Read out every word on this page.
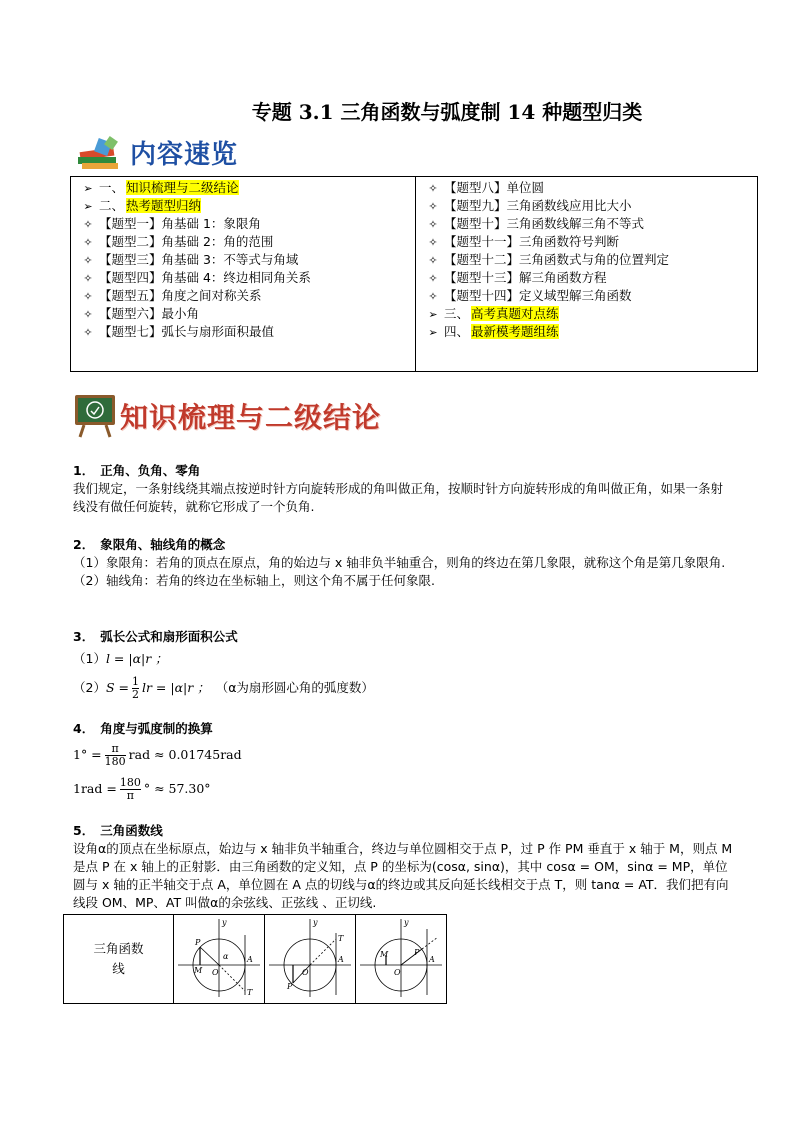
专题 3.1 三角函数与弧度制 14 种题型归类
内容速览
➢ 一、 知识梳理与二级结论
➢ 二、 热考题型归纳
✧ 【题型一】角基础 1：象限角
✧ 【题型二】角基础 2：角的范围
✧ 【题型三】角基础 3：不等式与角域
✧ 【题型四】角基础 4：终边相同角关系
✧ 【题型五】角度之间对称关系
✧ 【题型六】最小角
✧ 【题型七】弧长与扇形面积最值

✧ 【题型八】单位圆
✧ 【题型九】三角函数线应用比大小
✧ 【题型十】三角函数线解三角不等式
✧ 【题型十一】三角函数符号判断
✧ 【题型十二】三角函数式与角的位置判定
✧ 【题型十三】解三角函数方程
✧ 【题型十四】定义域型解三角函数
➢ 三、 高考真题对点练
➢ 四、 最新模考题组练
知识梳理与二级结论
1． 正角、负角、零角
我们规定，一条射线绕其端点按逆时针方向旋转形成的角叫做正角，按顺时针方向旋转形成的角叫做正角，如果一条射线没有做任何旋转，就称它形成了一个负角.
2． 象限角、轴线角的概念
（1）象限角：若角的顶点在原点，角的始边与 x 轴非负半轴重合，则角的终边在第几象限，就称这个角是第几象限角.
（2）轴线角：若角的终边在坐标轴上，则这个角不属于任何象限.
3． 弧长公式和扇形面积公式
（1） l = |α|r ；
（2） $S = \frac{1}{2}$ lr = |α|r ； （α为扇形圆心角的弧度数）
4． 角度与弧度制的换算
$1^\circ = \frac{\pi}{180}$ rad ≈ 0.01745rad
$1rad = \frac{180}{\pi}$ ° ≈ 57.30°
5． 三角函数线
设角α的顶点在坐标原点，始边与 x 轴非负半轴重合，终边与单位圆相交于点 P，过 P 作 PM 垂直于 x 轴于 M，则点 M 是点 P 在 x 轴上的正射影．由三角函数的定义知，点 P 的坐标为(cosα, sinα)，其中 cosα = OM，sinα = MP，单位圆与 x 轴的正半轴交于点 A，单位圆在 A 点的切线与α的终边或其反向延长线相交于点 T，则 tanα = AT．我们把有向线段 OM、MP、AT 叫做α的余弦线、正弦线 、正切线.
三角函数线	
y
P
M O
A
T
α

y
O
A
T
P

y
M
O
A
P
